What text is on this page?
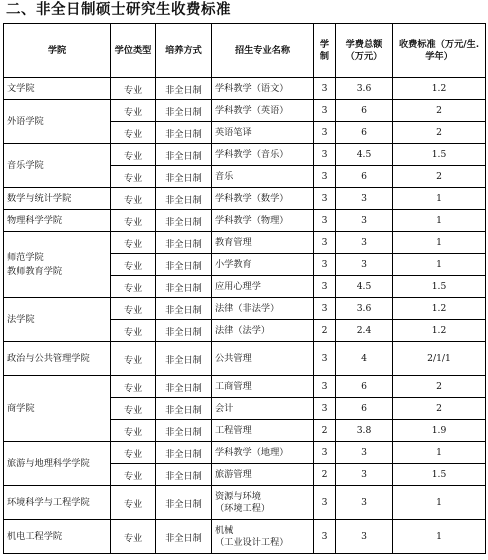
二、非全日制硕士研究生收费标准
学院	学位类型	培养方式	招生专业名称	学制	学费总额（万元）	收费标准（万元/生.学年）
文学院	专业	非全日制	学科教学（语文）	3	3.6	1.2
外语学院	专业	非全日制	学科教学（英语）	3	6	2
	专业	非全日制	英语笔译	3	6	2
音乐学院	专业	非全日制	学科教学（音乐）	3	4.5	1.5
	专业	非全日制	音乐	3	6	2
数学与统计学院	专业	非全日制	学科教学（数学）	3	3	1
物理科学学院	专业	非全日制	学科教学（物理）	3	3	1
师范学院
教师教育学院	专业	非全日制	教育管理	3	3	1
	专业	非全日制	小学教育	3	3	1
	专业	非全日制	应用心理学	3	4.5	1.5
法学院	专业	非全日制	法律（非法学）	3	3.6	1.2
	专业	非全日制	法律（法学）	2	2.4	1.2
政治与公共管理学院	专业	非全日制	公共管理	3	4	2/1/1
商学院	专业	非全日制	工商管理	3	6	2
	专业	非全日制	会计	3	6	2
	专业	非全日制	工程管理	2	3.8	1.9
旅游与地理科学学院	专业	非全日制	学科教学（地理）	3	3	1
	专业	非全日制	旅游管理	2	3	1.5
环境科学与工程学院	专业	非全日制	资源与环境
（环境工程）	3	3	1
机电工程学院	专业	非全日制	机械
（工业设计工程）	3	3	1
